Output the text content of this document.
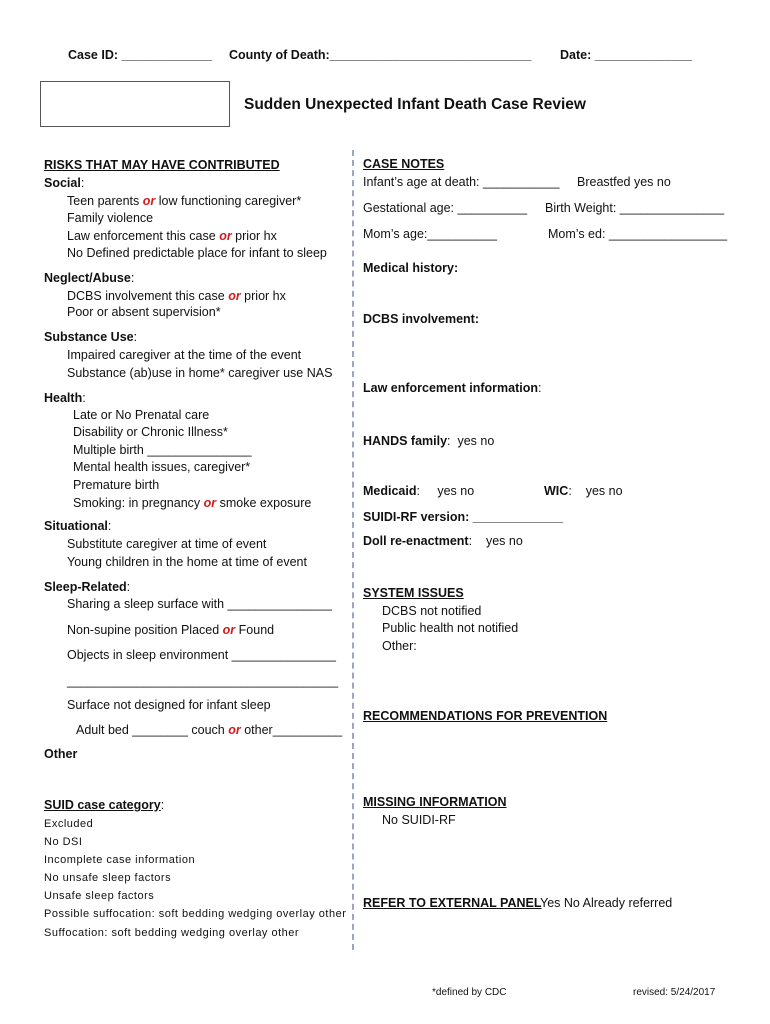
Case ID: _____________ County of Death:_____________________________ Date: ______________
Sudden Unexpected Infant Death Case Review
RISKS THAT MAY HAVE CONTRIBUTED
Social:
Teen parents or low functioning caregiver*
Family violence
Law enforcement this case or prior hx
No Defined predictable place for infant to sleep
Neglect/Abuse:
DCBS involvement this case or prior hx
Poor or absent supervision*
Substance Use:
Impaired caregiver at the time of the event
Substance (ab)use in home* caregiver use NAS
Health:
Late or No Prenatal care
Disability or Chronic Illness*
Multiple birth _______________
Mental health issues, caregiver*
Premature birth
Smoking: in pregnancy or smoke exposure
Situational:
Substitute caregiver at time of event
Young children in the home at time of event
Sleep-Related:
Sharing a sleep surface with _______________
Non-supine position Placed or Found
Objects in sleep environment _______________
_______________________________________
Surface not designed for infant sleep
Adult bed ________ couch or other__________
Other
SUID case category:
Excluded
No DSI
Incomplete case information
No unsafe sleep factors
Unsafe sleep factors
Possible suffocation: soft bedding wedging overlay other
Suffocation: soft bedding wedging overlay other
CASE NOTES
Infant’s age at death: ___________ Breastfed yes no
Gestational age: __________ Birth Weight: _______________
Mom’s age:__________	Mom’s ed: _________________
Medical history:
DCBS involvement:
Law enforcement information:
HANDS family:  yes no
Medicaid:     yes no	WIC:    yes no
SUIDI-RF version: _____________
Doll re-enactment:    yes no
SYSTEM ISSUES
DCBS not notified
Public health not notified
Other:
RECOMMENDATIONS FOR PREVENTION
MISSING INFORMATION
No SUIDI-RF
REFER TO EXTERNAL PANEL
Yes No Already referred
*defined by CDC	revised: 5/24/2017
